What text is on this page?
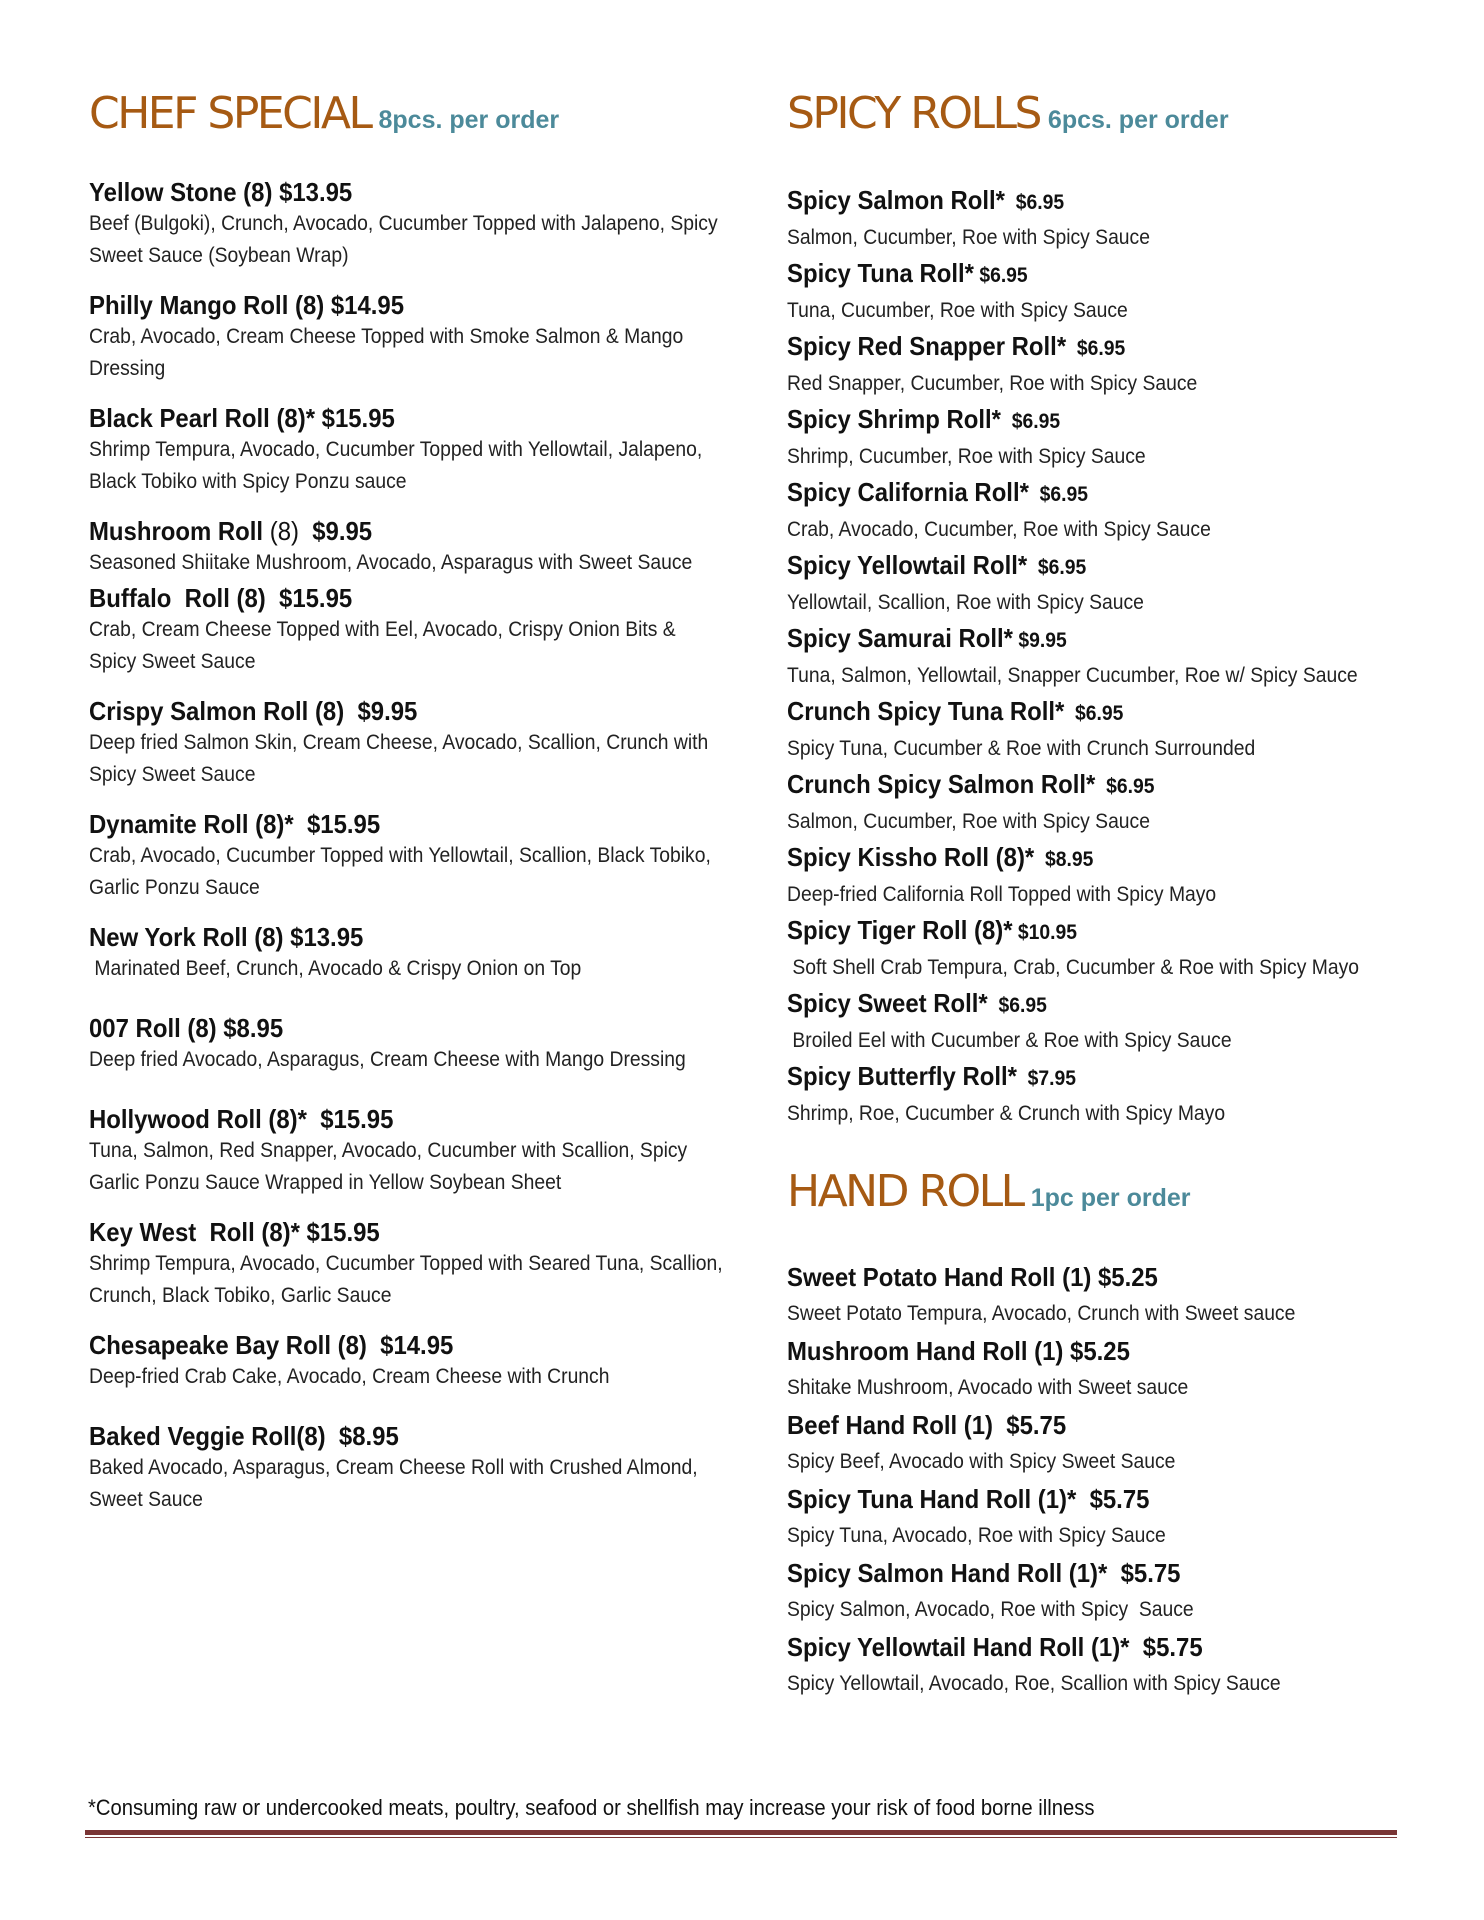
CHEF SPECIAL 8pcs. per order
Yellow Stone (8) $13.95
Beef (Bulgoki), Crunch, Avocado, Cucumber Topped with Jalapeno, Spicy Sweet Sauce (Soybean Wrap)
Philly Mango Roll (8) $14.95
Crab, Avocado, Cream Cheese Topped with Smoke Salmon & Mango Dressing
Black Pearl Roll (8)* $15.95
Shrimp Tempura, Avocado, Cucumber Topped with Yellowtail, Jalapeno, Black Tobiko with Spicy Ponzu sauce
Mushroom Roll (8)  $9.95
Seasoned Shiitake Mushroom, Avocado, Asparagus with Sweet Sauce
Buffalo  Roll (8)  $15.95
Crab, Cream Cheese Topped with Eel, Avocado, Crispy Onion Bits & Spicy Sweet Sauce
Crispy Salmon Roll (8)  $9.95
Deep fried Salmon Skin, Cream Cheese, Avocado, Scallion, Crunch with Spicy Sweet Sauce
Dynamite Roll (8)*  $15.95
Crab, Avocado, Cucumber Topped with Yellowtail, Scallion, Black Tobiko, Garlic Ponzu Sauce
New York Roll (8) $13.95
Marinated Beef, Crunch, Avocado & Crispy Onion on Top
007 Roll (8) $8.95
Deep fried Avocado, Asparagus, Cream Cheese with Mango Dressing
Hollywood Roll (8)*  $15.95
Tuna, Salmon, Red Snapper, Avocado, Cucumber with Scallion, Spicy Garlic Ponzu Sauce Wrapped in Yellow Soybean Sheet
Key West  Roll (8)* $15.95
Shrimp Tempura, Avocado, Cucumber Topped with Seared Tuna, Scallion, Crunch, Black Tobiko, Garlic Sauce
Chesapeake Bay Roll (8)  $14.95
Deep-fried Crab Cake, Avocado, Cream Cheese with Crunch
Baked Veggie Roll(8)  $8.95
Baked Avocado, Asparagus, Cream Cheese Roll with Crushed Almond, Sweet Sauce
SPICY ROLLS 6pcs. per order
Spicy Salmon Roll*  $6.95
Salmon, Cucumber, Roe with Spicy Sauce
Spicy Tuna Roll* $6.95
Tuna, Cucumber, Roe with Spicy Sauce
Spicy Red Snapper Roll*  $6.95
Red Snapper, Cucumber, Roe with Spicy Sauce
Spicy Shrimp Roll*  $6.95
Shrimp, Cucumber, Roe with Spicy Sauce
Spicy California Roll*  $6.95
Crab, Avocado, Cucumber, Roe with Spicy Sauce
Spicy Yellowtail Roll*  $6.95
Yellowtail, Scallion, Roe with Spicy Sauce
Spicy Samurai Roll* $9.95
Tuna, Salmon, Yellowtail, Snapper Cucumber, Roe w/ Spicy Sauce
Crunch Spicy Tuna Roll*  $6.95
Spicy Tuna, Cucumber & Roe with Crunch Surrounded
Crunch Spicy Salmon Roll*  $6.95
Salmon, Cucumber, Roe with Spicy Sauce
Spicy Kissho Roll (8)*  $8.95
Deep-fried California Roll Topped with Spicy Mayo
Spicy Tiger Roll (8)* $10.95
Soft Shell Crab Tempura, Crab, Cucumber & Roe with Spicy Mayo
Spicy Sweet Roll*  $6.95
Broiled Eel with Cucumber & Roe with Spicy Sauce
Spicy Butterfly Roll*  $7.95
Shrimp, Roe, Cucumber & Crunch with Spicy Mayo
HAND ROLL 1pc per order
Sweet Potato Hand Roll (1) $5.25
Sweet Potato Tempura, Avocado, Crunch with Sweet sauce
Mushroom Hand Roll (1) $5.25
Shitake Mushroom, Avocado with Sweet sauce
Beef Hand Roll (1)  $5.75
Spicy Beef, Avocado with Spicy Sweet Sauce
Spicy Tuna Hand Roll (1)*  $5.75
Spicy Tuna, Avocado, Roe with Spicy Sauce
Spicy Salmon Hand Roll (1)*  $5.75
Spicy Salmon, Avocado, Roe with Spicy  Sauce
Spicy Yellowtail Hand Roll (1)*  $5.75
Spicy Yellowtail, Avocado, Roe, Scallion with Spicy Sauce
*Consuming raw or undercooked meats, poultry, seafood or shellfish may increase your risk of food borne illness
